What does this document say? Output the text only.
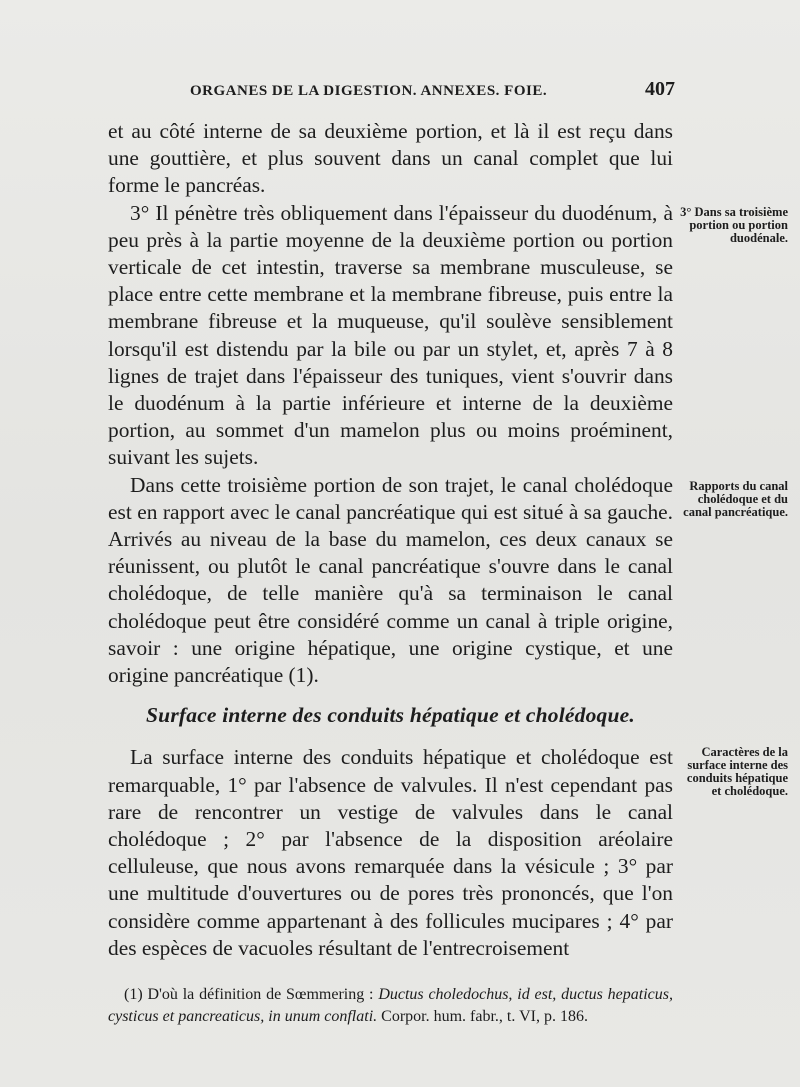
ORGANES DE LA DIGESTION. ANNEXES. FOIE.	407

et au côté interne de sa deuxième portion, et là il est reçu dans une gouttière, et plus souvent dans un canal complet que lui forme le pancréas.

3° Il pénètre très obliquement dans l'épaisseur du duodénum, à peu près à la partie moyenne de la deuxième portion ou portion verticale de cet intestin, traverse sa membrane musculeuse, se place entre cette membrane et la membrane fibreuse, puis entre la membrane fibreuse et la muqueuse, qu'il soulève sensiblement lorsqu'il est distendu par la bile ou par un stylet, et, après 7 à 8 lignes de trajet dans l'épaisseur des tuniques, vient s'ouvrir dans le duodénum à la partie inférieure et interne de la deuxième portion, au sommet d'un mamelon plus ou moins proéminent, suivant les sujets.

Dans cette troisième portion de son trajet, le canal cholédoque est en rapport avec le canal pancréatique qui est situé à sa gauche. Arrivés au niveau de la base du mamelon, ces deux canaux se réunissent, ou plutôt le canal pancréatique s'ouvre dans le canal cholédoque, de telle manière qu'à sa terminaison le canal cholédoque peut être considéré comme un canal à triple origine, savoir : une origine hépatique, une origine cystique, et une origine pancréatique (1).

Surface interne des conduits hépatique et cholédoque.

La surface interne des conduits hépatique et cholédoque est remarquable, 1° par l'absence de valvules. Il n'est cependant pas rare de rencontrer un vestige de valvules dans le canal cholédoque ; 2° par l'absence de la disposition aréolaire celluleuse, que nous avons remarquée dans la vésicule ; 3° par une multitude d'ouvertures ou de pores très prononcés, que l'on considère comme appartenant à des follicules mucipares ; 4° par des espèces de vacuoles résultant de l'entrecroisement

3° Dans sa troisième portion ou portion duodénale.
Rapports du canal cholédoque et du canal pancréatique.
Caractères de la surface interne des conduits hépatique et cholédoque.
(1) D'où la définition de Sœmmering : Ductus choledochus, id est, ductus hepaticus, cysticus et pancreaticus, in unum conflati. Corpor. hum. fabr., t. VI, p. 186.
